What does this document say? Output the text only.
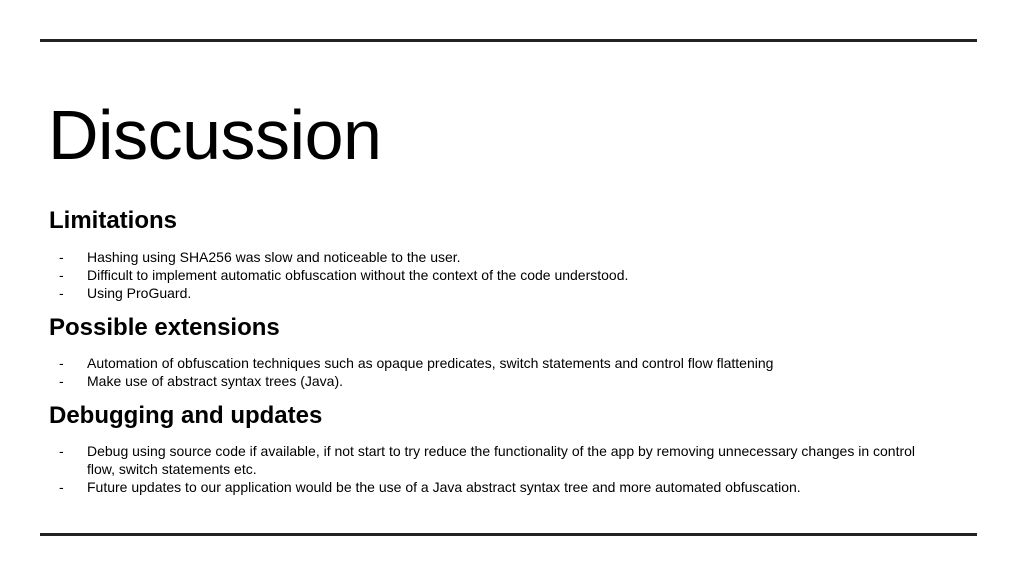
Discussion
Limitations
- Hashing using SHA256 was slow and noticeable to the user.
- Difficult to implement automatic obfuscation without the context of the code understood.
- Using ProGuard.
Possible extensions
- Automation of obfuscation techniques such as opaque predicates, switch statements and control flow flattening
- Make use of abstract syntax trees (Java).
Debugging and updates
- Debug using source code if available, if not start to try reduce the functionality of the app by removing unnecessary changes in control flow, switch statements etc.
- Future updates to our application would be the use of a Java abstract syntax tree and more automated obfuscation.
